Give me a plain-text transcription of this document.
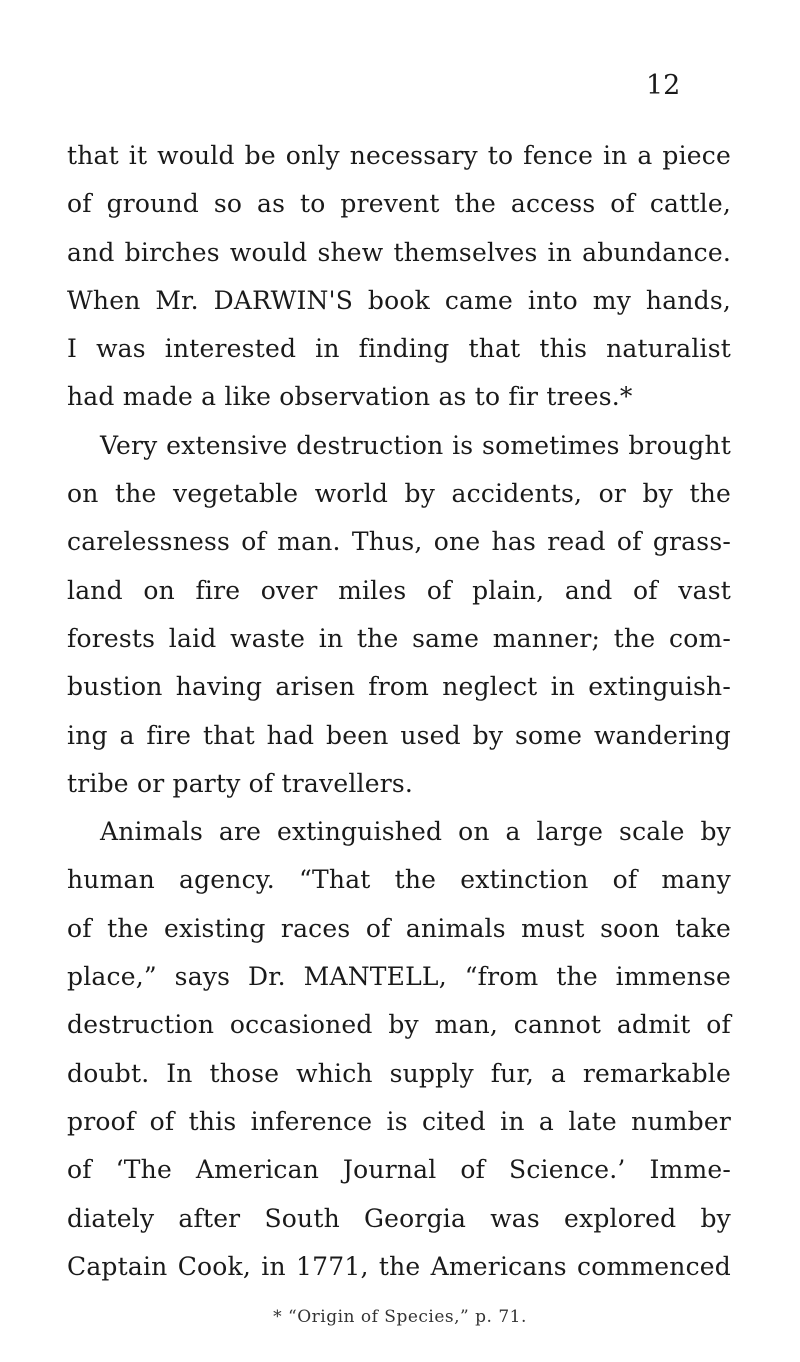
12
that it would be only necessary to fence in a piece
of ground so as to prevent the access of cattle,
and birches would shew themselves in abundance.
When Mr. DARWIN'S book came into my hands,
I was interested in finding that this naturalist
had made a like observation as to fir trees.*
Very extensive destruction is sometimes brought
on the vegetable world by accidents, or by the
carelessness of man. Thus, one has read of grass-
land on fire over miles of plain, and of vast
forests laid waste in the same manner; the com-
bustion having arisen from neglect in extinguish-
ing a fire that had been used by some wandering
tribe or party of travellers.
Animals are extinguished on a large scale by
human agency. “That the extinction of many
of the existing races of animals must soon take
place,” says Dr. MANTELL, “from the immense
destruction occasioned by man, cannot admit of
doubt. In those which supply fur, a remarkable
proof of this inference is cited in a late number
of ‘The American Journal of Science.’ Imme-
diately after South Georgia was explored by
Captain Cook, in 1771, the Americans commenced
* “Origin of Species,” p. 71.
